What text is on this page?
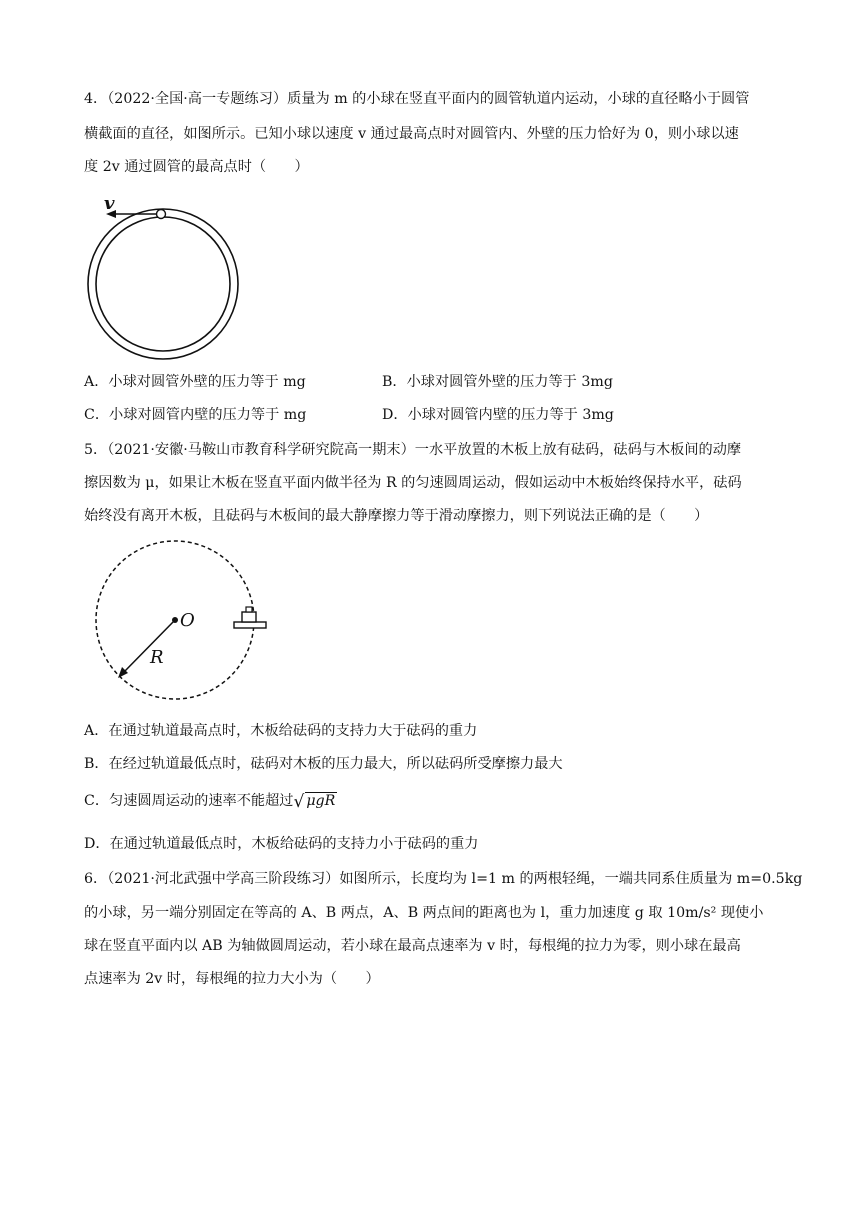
4．（2022·全国·高一专题练习）质量为 m 的小球在竖直平面内的圆管轨道内运动，小球的直径略小于圆管
横截面的直径，如图所示。已知小球以速度 v 通过最高点时对圆管内、外壁的压力恰好为 0，则小球以速
度 2v 通过圆管的最高点时（　　）
v
A．小球对圆管外壁的压力等于 mg	B．小球对圆管外壁的压力等于 3mg
C．小球对圆管内壁的压力等于 mg	D．小球对圆管内壁的压力等于 3mg
5．（2021·安徽·马鞍山市教育科学研究院高一期末）一水平放置的木板上放有砝码，砝码与木板间的动摩
擦因数为 μ，如果让木板在竖直平面内做半径为 R 的匀速圆周运动，假如运动中木板始终保持水平，砝码
始终没有离开木板，且砝码与木板间的最大静摩擦力等于滑动摩擦力，则下列说法正确的是（　　）
O
R
A．在通过轨道最高点时，木板给砝码的支持力大于砝码的重力
B．在经过轨道最低点时，砝码对木板的压力最大，所以砝码所受摩擦力最大
C．匀速圆周运动的速率不能超过√ μgR
D．在通过轨道最低点时，木板给砝码的支持力小于砝码的重力
6．（2021·河北武强中学高三阶段练习）如图所示，长度均为 l=1 m 的两根轻绳，一端共同系住质量为 m=0.5kg
的小球，另一端分别固定在等高的 A、B 两点，A、B 两点间的距离也为 l，重力加速度 g 取 10m/s² 现使小
球在竖直平面内以 AB 为轴做圆周运动，若小球在最高点速率为 v 时，每根绳的拉力为零，则小球在最高
点速率为 2v 时，每根绳的拉力大小为（　　）
